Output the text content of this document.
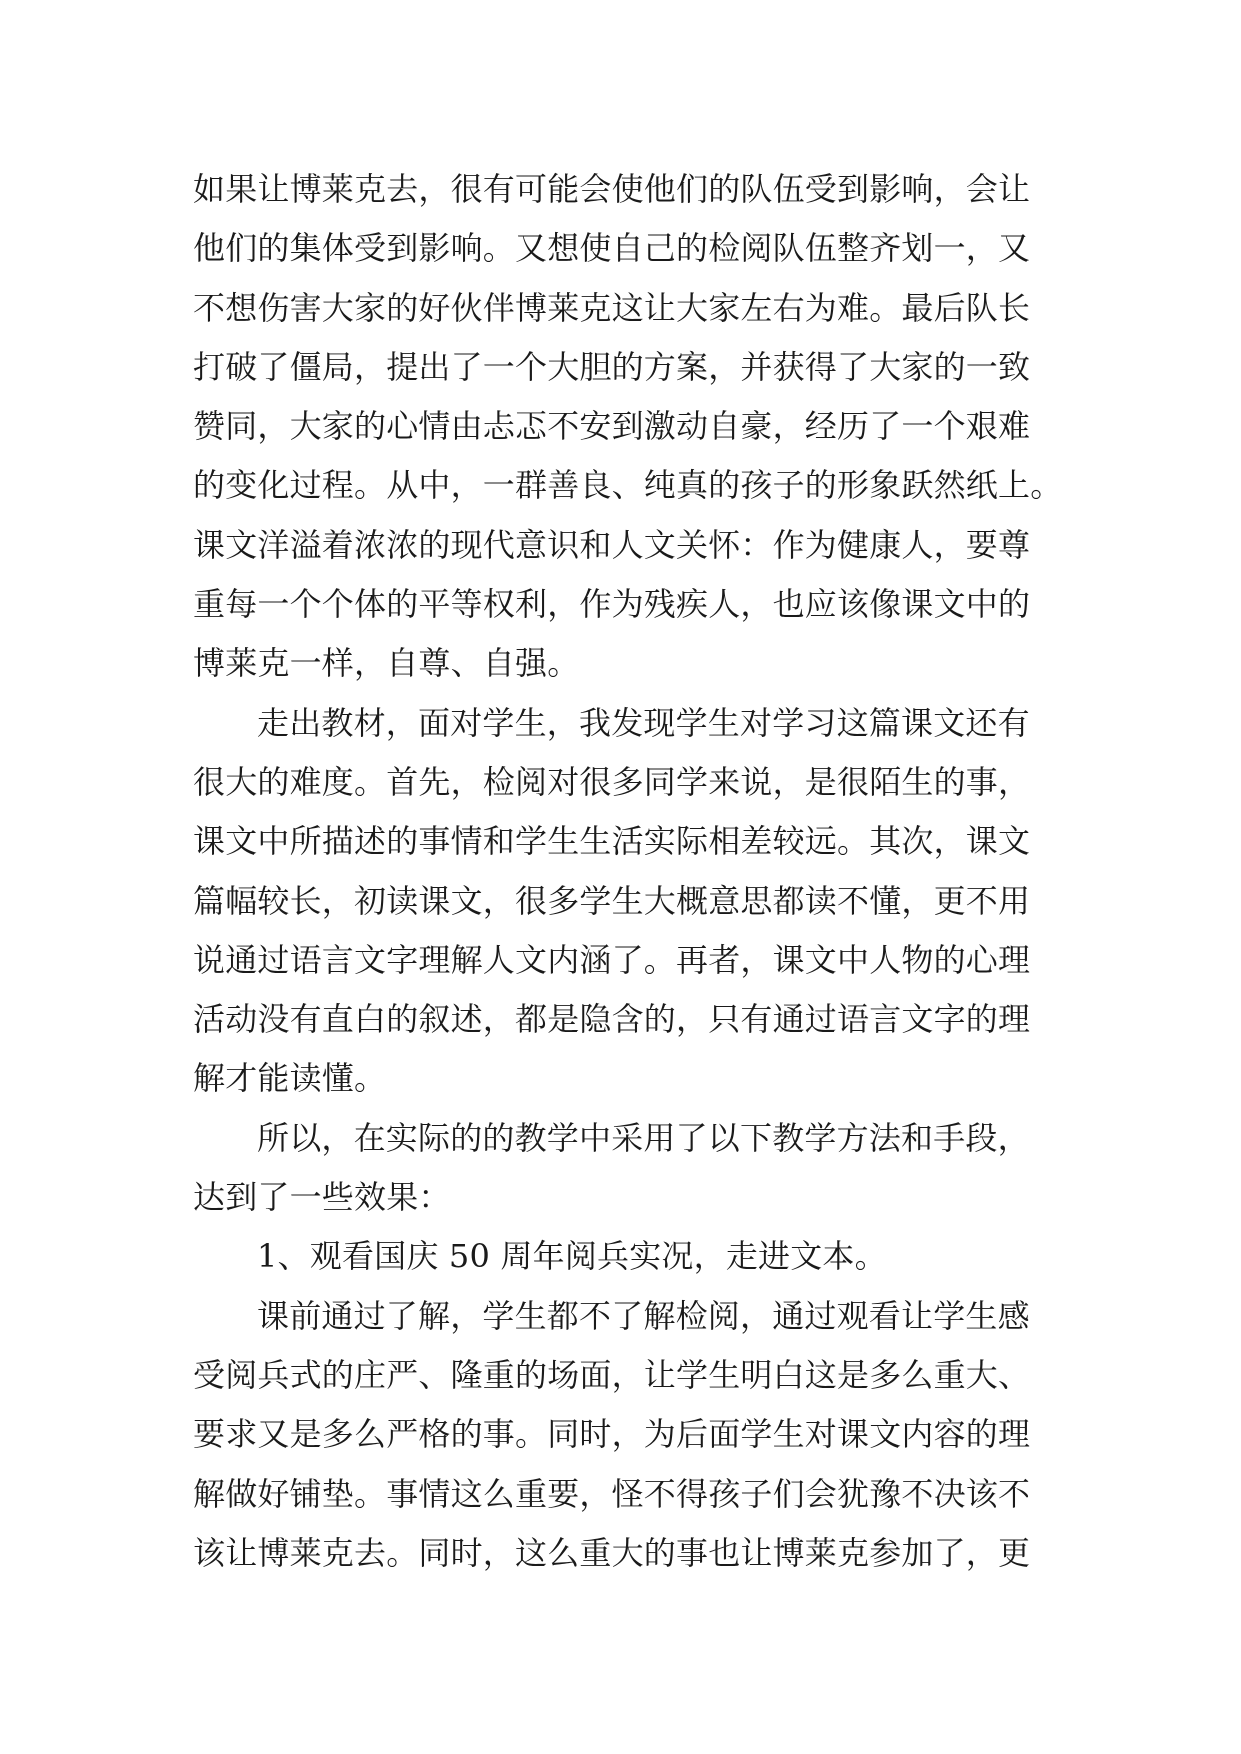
如果让博莱克去，很有可能会使他们的队伍受到影响，会让
他们的集体受到影响。又想使自己的检阅队伍整齐划一，又
不想伤害大家的好伙伴博莱克这让大家左右为难。最后队长
打破了僵局，提出了一个大胆的方案，并获得了大家的一致
赞同，大家的心情由忐忑不安到激动自豪，经历了一个艰难
的变化过程。从中，一群善良、纯真的孩子的形象跃然纸上。
课文洋溢着浓浓的现代意识和人文关怀：作为健康人，要尊
重每一个个体的平等权利，作为残疾人，也应该像课文中的
博莱克一样，自尊、自强。
走出教材，面对学生，我发现学生对学习这篇课文还有
很大的难度。首先，检阅对很多同学来说，是很陌生的事，
课文中所描述的事情和学生生活实际相差较远。其次，课文
篇幅较长，初读课文，很多学生大概意思都读不懂，更不用
说通过语言文字理解人文内涵了。再者，课文中人物的心理
活动没有直白的叙述，都是隐含的，只有通过语言文字的理
解才能读懂。
所以，在实际的的教学中采用了以下教学方法和手段，
达到了一些效果：
1、观看国庆 50 周年阅兵实况，走进文本。
课前通过了解，学生都不了解检阅，通过观看让学生感
受阅兵式的庄严、隆重的场面，让学生明白这是多么重大、
要求又是多么严格的事。同时，为后面学生对课文内容的理
解做好铺垫。事情这么重要，怪不得孩子们会犹豫不决该不
该让博莱克去。同时，这么重大的事也让博莱克参加了，更
